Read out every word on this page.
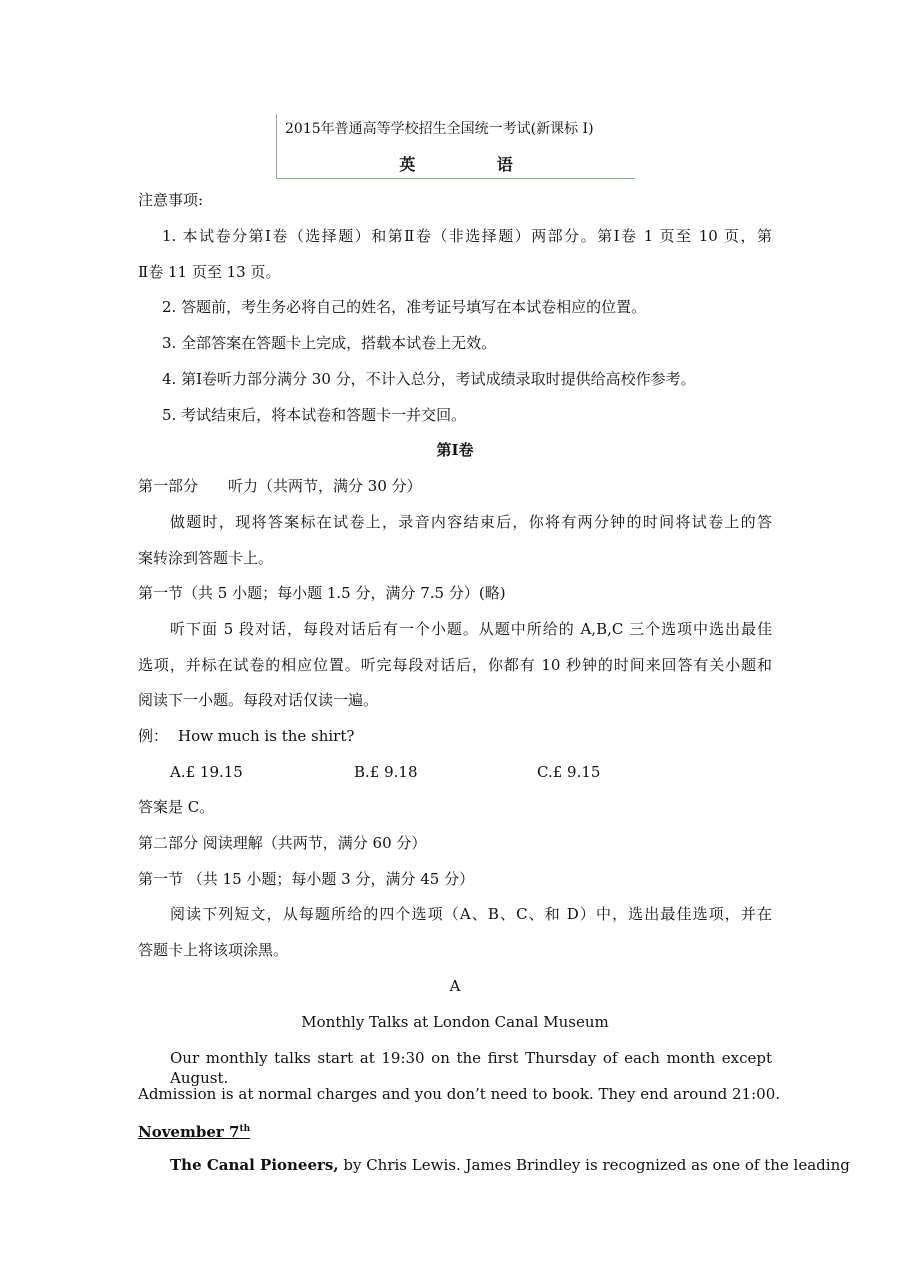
2015年普通高等学校招生全国统一考试(新课标 I)
英 语
注意事项:
1. 本试卷分第Ⅰ卷（选择题）和第Ⅱ卷（非选择题）两部分。第Ⅰ卷 1 页至 10 页，第
Ⅱ卷 11 页至 13 页。
2. 答题前，考生务必将自己的姓名，准考证号填写在本试卷相应的位置。
3. 全部答案在答题卡上完成，搭载本试卷上无效。
4. 第Ⅰ卷听力部分满分 30 分，不计入总分，考试成绩录取时提供给高校作参考。
5. 考试结束后，将本试卷和答题卡一并交回。
第Ⅰ卷
第一部分　　听力（共两节，满分 30 分）
做题时，现将答案标在试卷上，录音内容结束后，你将有两分钟的时间将试卷上的答
案转涂到答题卡上。
第一节（共 5 小题；每小题 1.5 分，满分 7.5 分）(略)
听下面 5 段对话，每段对话后有一个小题。从题中所给的 A,B,C 三个选项中选出最佳
选项，并标在试卷的相应位置。听完每段对话后，你都有 10 秒钟的时间来回答有关小题和
阅读下一小题。每段对话仅读一遍。
例： How much is the shirt?
A.£ 19.15	B.£ 9.18	C.£ 9.15
答案是 C。
第二部分 阅读理解（共两节，满分 60 分）
第一节 （共 15 小题；每小题 3 分，满分 45 分）
阅读下列短文，从每题所给的四个选项（A、B、C、和 D）中，选出最佳选项，并在
答题卡上将该项涂黑。
A
Monthly Talks at London Canal Museum
Our monthly talks start at 19:30 on the first Thursday of each month except August.
Admission is at normal charges and you don’t need to book. They end around 21:00.
November 7th
The Canal Pioneers, by Chris Lewis. James Brindley is recognized as one of the leading
